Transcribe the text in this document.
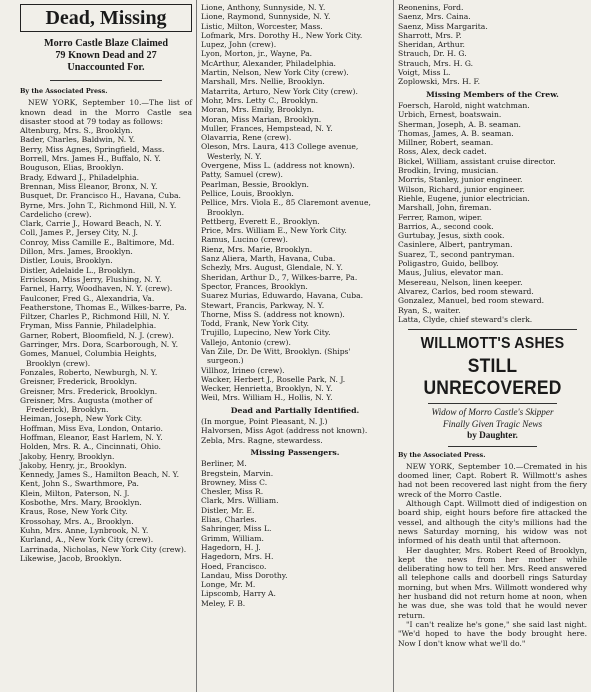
Dead, Missing
Morro Castle Blaze Claimed
79 Known Dead and 27
Unaccounted For.
By the Associated Press.

NEW YORK, September 10.—The list of known dead in the Morro Castle sea disaster stood at 79 today as follows:

Altenburg, Mrs. S., Brooklyn.

Bader, Charles, Baldwin, N. Y.

Berry, Miss Agnes, Springfield, Mass.

Borrell, Mrs. James H., Buffalo, N. Y.

Bouguson, Elias, Brooklyn.

Brady, Edward J., Philadelphia.

Brennan, Miss Eleanor, Bronx, N. Y.

Busquet, Dr. Francisco H., Havana, Cuba.

Byrne, Mrs. John T., Richmond Hill, N. Y.

Cardelicho (crew).

Clark, Carrie J., Howard Beach, N. Y.

Coll, James P., Jersey City, N. J.

Conroy, Miss Camille E., Baltimore, Md.

Dillon, Mrs. James, Brooklyn.

Distler, Louis, Brooklyn.

Distler, Adelaide L., Brooklyn.

Errickson, Miss Jerry, Flushing, N. Y.

Farnel, Harry, Woodhaven, N. Y. (crew).

Faulconer, Fred G., Alexandria, Va.

Featherstone, Thomas E., Wilkes-barre, Pa.

Filtzer, Charles P., Richmond Hill, N. Y.

Fryman, Miss Fannie, Philadelphia.

Garner, Robert, Bloomfield, N. J. (crew).

Garringer, Mrs. Dora, Scarborough, N. Y.

Gomes, Manuel, Columbia Heights, Brooklyn (crew).

Fonzales, Roberto, Newburgh, N. Y.

Greisner, Frederick, Brooklyn.

Greisner, Mrs. Frederick, Brooklyn.

Greisner, Mrs. Augusta (mother of Frederick), Brooklyn.

Heiman, Joseph, New York City.

Hoffman, Miss Eva, London, Ontario.

Hoffman, Eleanor, East Harlem, N. Y.

Holden, Mrs. R. A., Cincinnati, Ohio.

Jakoby, Henry, Brooklyn.

Jakoby, Henry, jr., Brooklyn.

Kennedy, James S., Hamilton Beach, N. Y.

Kent, John S., Swarthmore, Pa.

Klein, Milton, Paterson, N. J.

Kosbothe, Mrs. Mary, Brooklyn.

Kraus, Rose, New York City.

Krossohay, Mrs. A., Brooklyn.

Kuhn, Mrs. Anne, Lynbrook, N. Y.

Kurland, A., New York City (crew).

Larrinada, Nicholas, New York City (crew).

Likewise, Jacob, Brooklyn.

Lione, Anthony, Sunnyside, N. Y.

Lione, Raymond, Sunnyside, N. Y.

Listic, Milton, Worcester, Mass.

Lofmark, Mrs. Dorothy H., New York City.

Lupez, John (crew).

Lyon, Morton, jr., Wayne, Pa.

McArthur, Alexander, Philadelphia.

Martin, Nelson, New York City (crew).

Marshall, Mrs. Nellie, Brooklyn.

Matarrita, Arturo, New York City (crew).

Mohr, Mrs. Letty C., Brooklyn.

Moran, Mrs. Emily, Brooklyn.

Moran, Miss Marian, Brooklyn.

Muller, Frances, Hempstead, N. Y.

Olavarria, Rene (crew).

Oleson, Mrs. Laura, 413 College avenue, Westerly, N. Y.

Overgene, Miss L. (address not known).

Patty, Samuel (crew).

Pearlman, Bessie, Brooklyn.

Pellice, Louis, Brooklyn.

Pellice, Mrs. Viola E., 85 Claremont avenue, Brooklyn.

Pettberg, Everett E., Brooklyn.

Price, Mrs. William E., New York City.

Ramus, Lucino (crew).

Rienz, Mrs. Marie, Brooklyn.

Sanz Aliera, Marth, Havana, Cuba.

Schezly, Mrs. August, Glendale, N. Y.

Sheridan, Arthur D., 7, Wilkes-barre, Pa.

Spector, Frances, Brooklyn.

Suarez Murias, Eduwardo, Havana, Cuba.

Stewart, Francis, Parkway, N. Y.

Thorne, Miss S. (address not known).

Todd, Frank, New York City.

Trujillo, Lupecino, New York City.

Vallejo, Antonio (crew).

Van Zile, Dr. De Witt, Brooklyn. (Ships' surgeon.)

Villhoz, Irineo (crew).

Wacker, Herbert J., Roselle Park, N. J.

Wecker, Henrietta, Brooklyn, N. Y.

Weil, Mrs. William H., Hollis, N. Y.

Dead and Partially Identified.

(In morgue, Point Pleasant, N. J.)

Halvorsen, Miss Agot (address not known).

Zebla, Mrs. Ragne, stewardess.

Missing Passengers.

Berliner, M.

Bregstein, Marvin.

Browney, Miss C.

Chesler, Miss R.

Clark, Mrs. William.

Distler, Mr. E.

Elias, Charles.

Sahringer, Miss L.

Grimm, William.

Hagedorn, H. J.

Hagedorn, Mrs. H.

Hoed, Francisco.

Landau, Miss Dorothy.

Longe, Mr. M.

Lipscomb, Harry A.

Meley, F. B.

Reonenins, Ford.

Saenz, Mrs. Caina.

Saenz, Miss Margarita.

Sharrott, Mrs. P.

Sheridan, Arthur.

Strauch, Dr. H. G.

Strauch, Mrs. H. G.

Voigt, Miss L.

Zoplowski, Mrs. H. F.

Missing Members of the Crew.

Foersch, Harold, night watchman.

Urbich, Ernest, boatswain.

Sherman, Joseph, A. B. seaman.

Thomas, James, A. B. seaman.

Millner, Robert, seaman.

Ross, Alex, deck cadet.

Bickel, William, assistant cruise director.

Brodkin, Irving, musician.

Morris, Stanley, junior engineer.

Wilson, Richard, junior engineer.

Riehle, Eugene, junior electrician.

Marshall, John, fireman.

Ferrer, Ramon, wiper.

Barrios, A., second cook.

Gurtubay, Jesus, sixth cook.

Casinlere, Albert, pantryman.

Suarez, T., second pantryman.

Poligastro, Guido, bellboy.

Maus, Julius, elevator man.

Mesereau, Nelson, linen keeper.

Alvarez, Carlos, bed room steward.

Gonzalez, Manuel, bed room steward.

Ryan, S., waiter.

Latta, Clyde, chief steward's clerk.

WILLMOTT'S ASHES
STILL UNRECOVERED
Widow of Morro Castle's Skipper
Finally Given Tragic News
by Daughter.
By the Associated Press.

NEW YORK, September 10.—Cremated in his doomed liner, Capt. Robert R. Willmott's ashes had not been recovered last night from the fiery wreck of the Morro Castle.

Although Capt. Willmott died of indigestion on board ship, eight hours before fire attacked the vessel, and although the city's millions had the news Saturday morning, his widow was not informed of his death until that afternoon.

Her daughter, Mrs. Robert Reed of Brooklyn, kept the news from her mother while deliberating how to tell her. Mrs. Reed answered all telephone calls and doorbell rings Saturday morning, but when Mrs. Willmott wondered why her husband did not return home at noon, when he was due, she was told that he would never return.

"I can't realize he's gone," she said last night. "We'd hoped to have the body brought here. Now I don't know what we'll do."
